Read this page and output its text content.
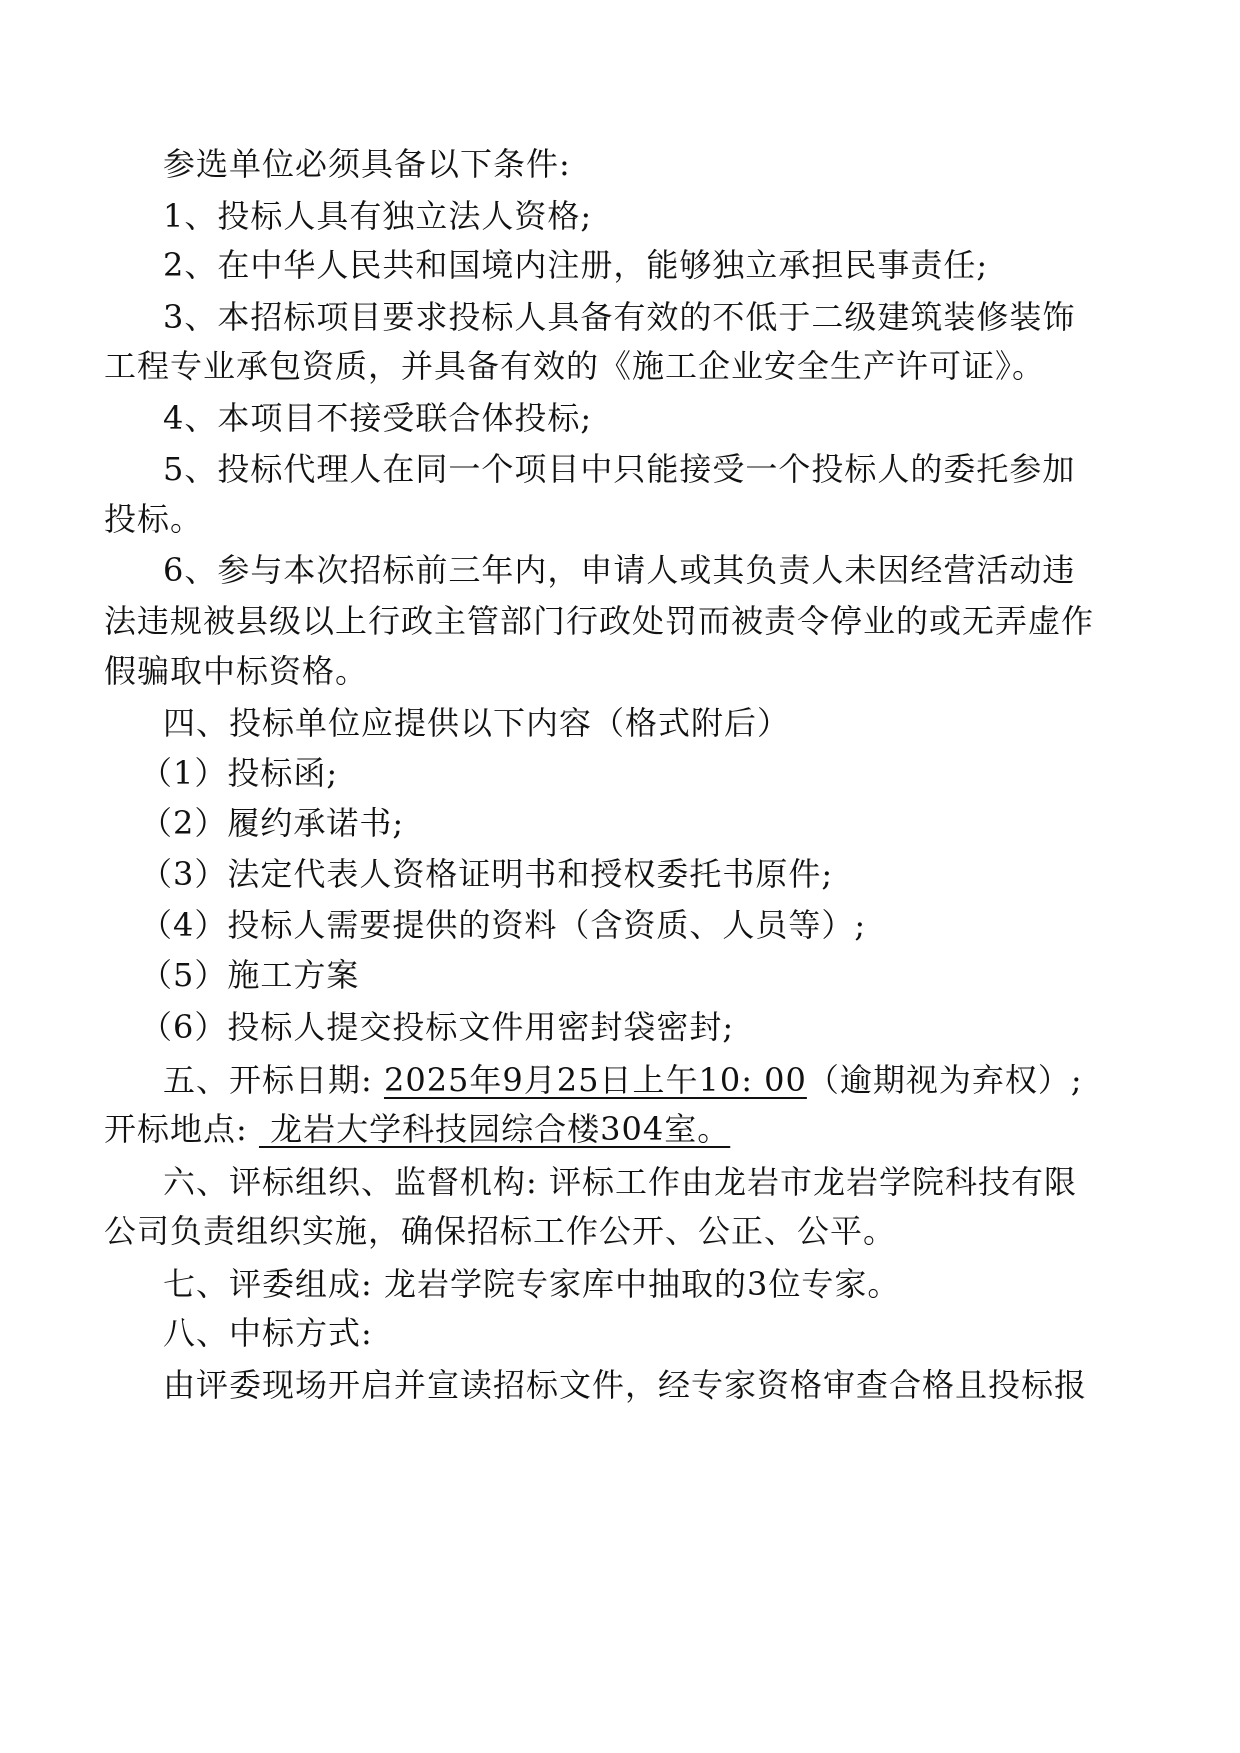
参选单位必须具备以下条件:
1、投标人具有独立法人资格;
2、在中华人民共和国境内注册，能够独立承担民事责任;
3、本招标项目要求投标人具备有效的不低于二级建筑装修装饰
工程专业承包资质，并具备有效的《施工企业安全生产许可证》。
4、本项目不接受联合体投标;
5、投标代理人在同一个项目中只能接受一个投标人的委托参加
投标。
6、参与本次招标前三年内，申请人或其负责人未因经营活动违
法违规被县级以上行政主管部门行政处罚而被责令停业的或无弄虚作
假骗取中标资格。
四、投标单位应提供以下内容（格式附后）
（1）投标函;
（2）履约承诺书;
（3）法定代表人资格证明书和授权委托书原件;
（4）投标人需要提供的资料（含资质、人员等）;
（5）施工方案
（6）投标人提交投标文件用密封袋密封;
五、开标日期: 2025年9月25日上午10: 00（逾期视为弃权）;
开标地点:  龙岩大学科技园综合楼304室。
六、评标组织、监督机构: 评标工作由龙岩市龙岩学院科技有限
公司负责组织实施，确保招标工作公开、公正、公平。
七、评委组成: 龙岩学院专家库中抽取的3位专家。
八、中标方式:
由评委现场开启并宣读招标文件，经专家资格审查合格且投标报
